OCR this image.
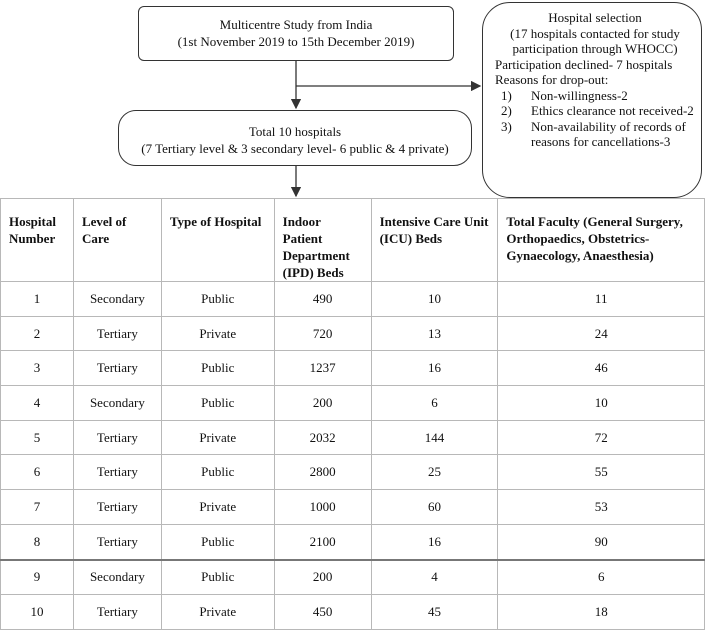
Multicentre Study from India
(1st November 2019 to 15th December 2019)
Total 10 hospitals
(7 Tertiary level & 3 secondary level- 6 public & 4 private)
Hospital selection
(17 hospitals contacted for study participation through WHOCC)
Participation declined- 7 hospitals
Reasons for drop-out:
1)	Non-willingness-2
2)	Ethics clearance not received-2
3)	Non-availability of records of reasons for cancellations-3
Hospital Number	Level of Care	Type of Hospital	Indoor Patient Department (IPD) Beds	Intensive Care Unit (ICU) Beds	Total Faculty (General Surgery, Orthopaedics, Obstetrics-Gynaecology, Anaesthesia)
1	Secondary	Public	490	10	11
2	Tertiary	Private	720	13	24
3	Tertiary	Public	1237	16	46
4	Secondary	Public	200	6	10
5	Tertiary	Private	2032	144	72
6	Tertiary	Public	2800	25	55
7	Tertiary	Private	1000	60	53
8	Tertiary	Public	2100	16	90
9	Secondary	Public	200	4	6
10	Tertiary	Private	450	45	18
